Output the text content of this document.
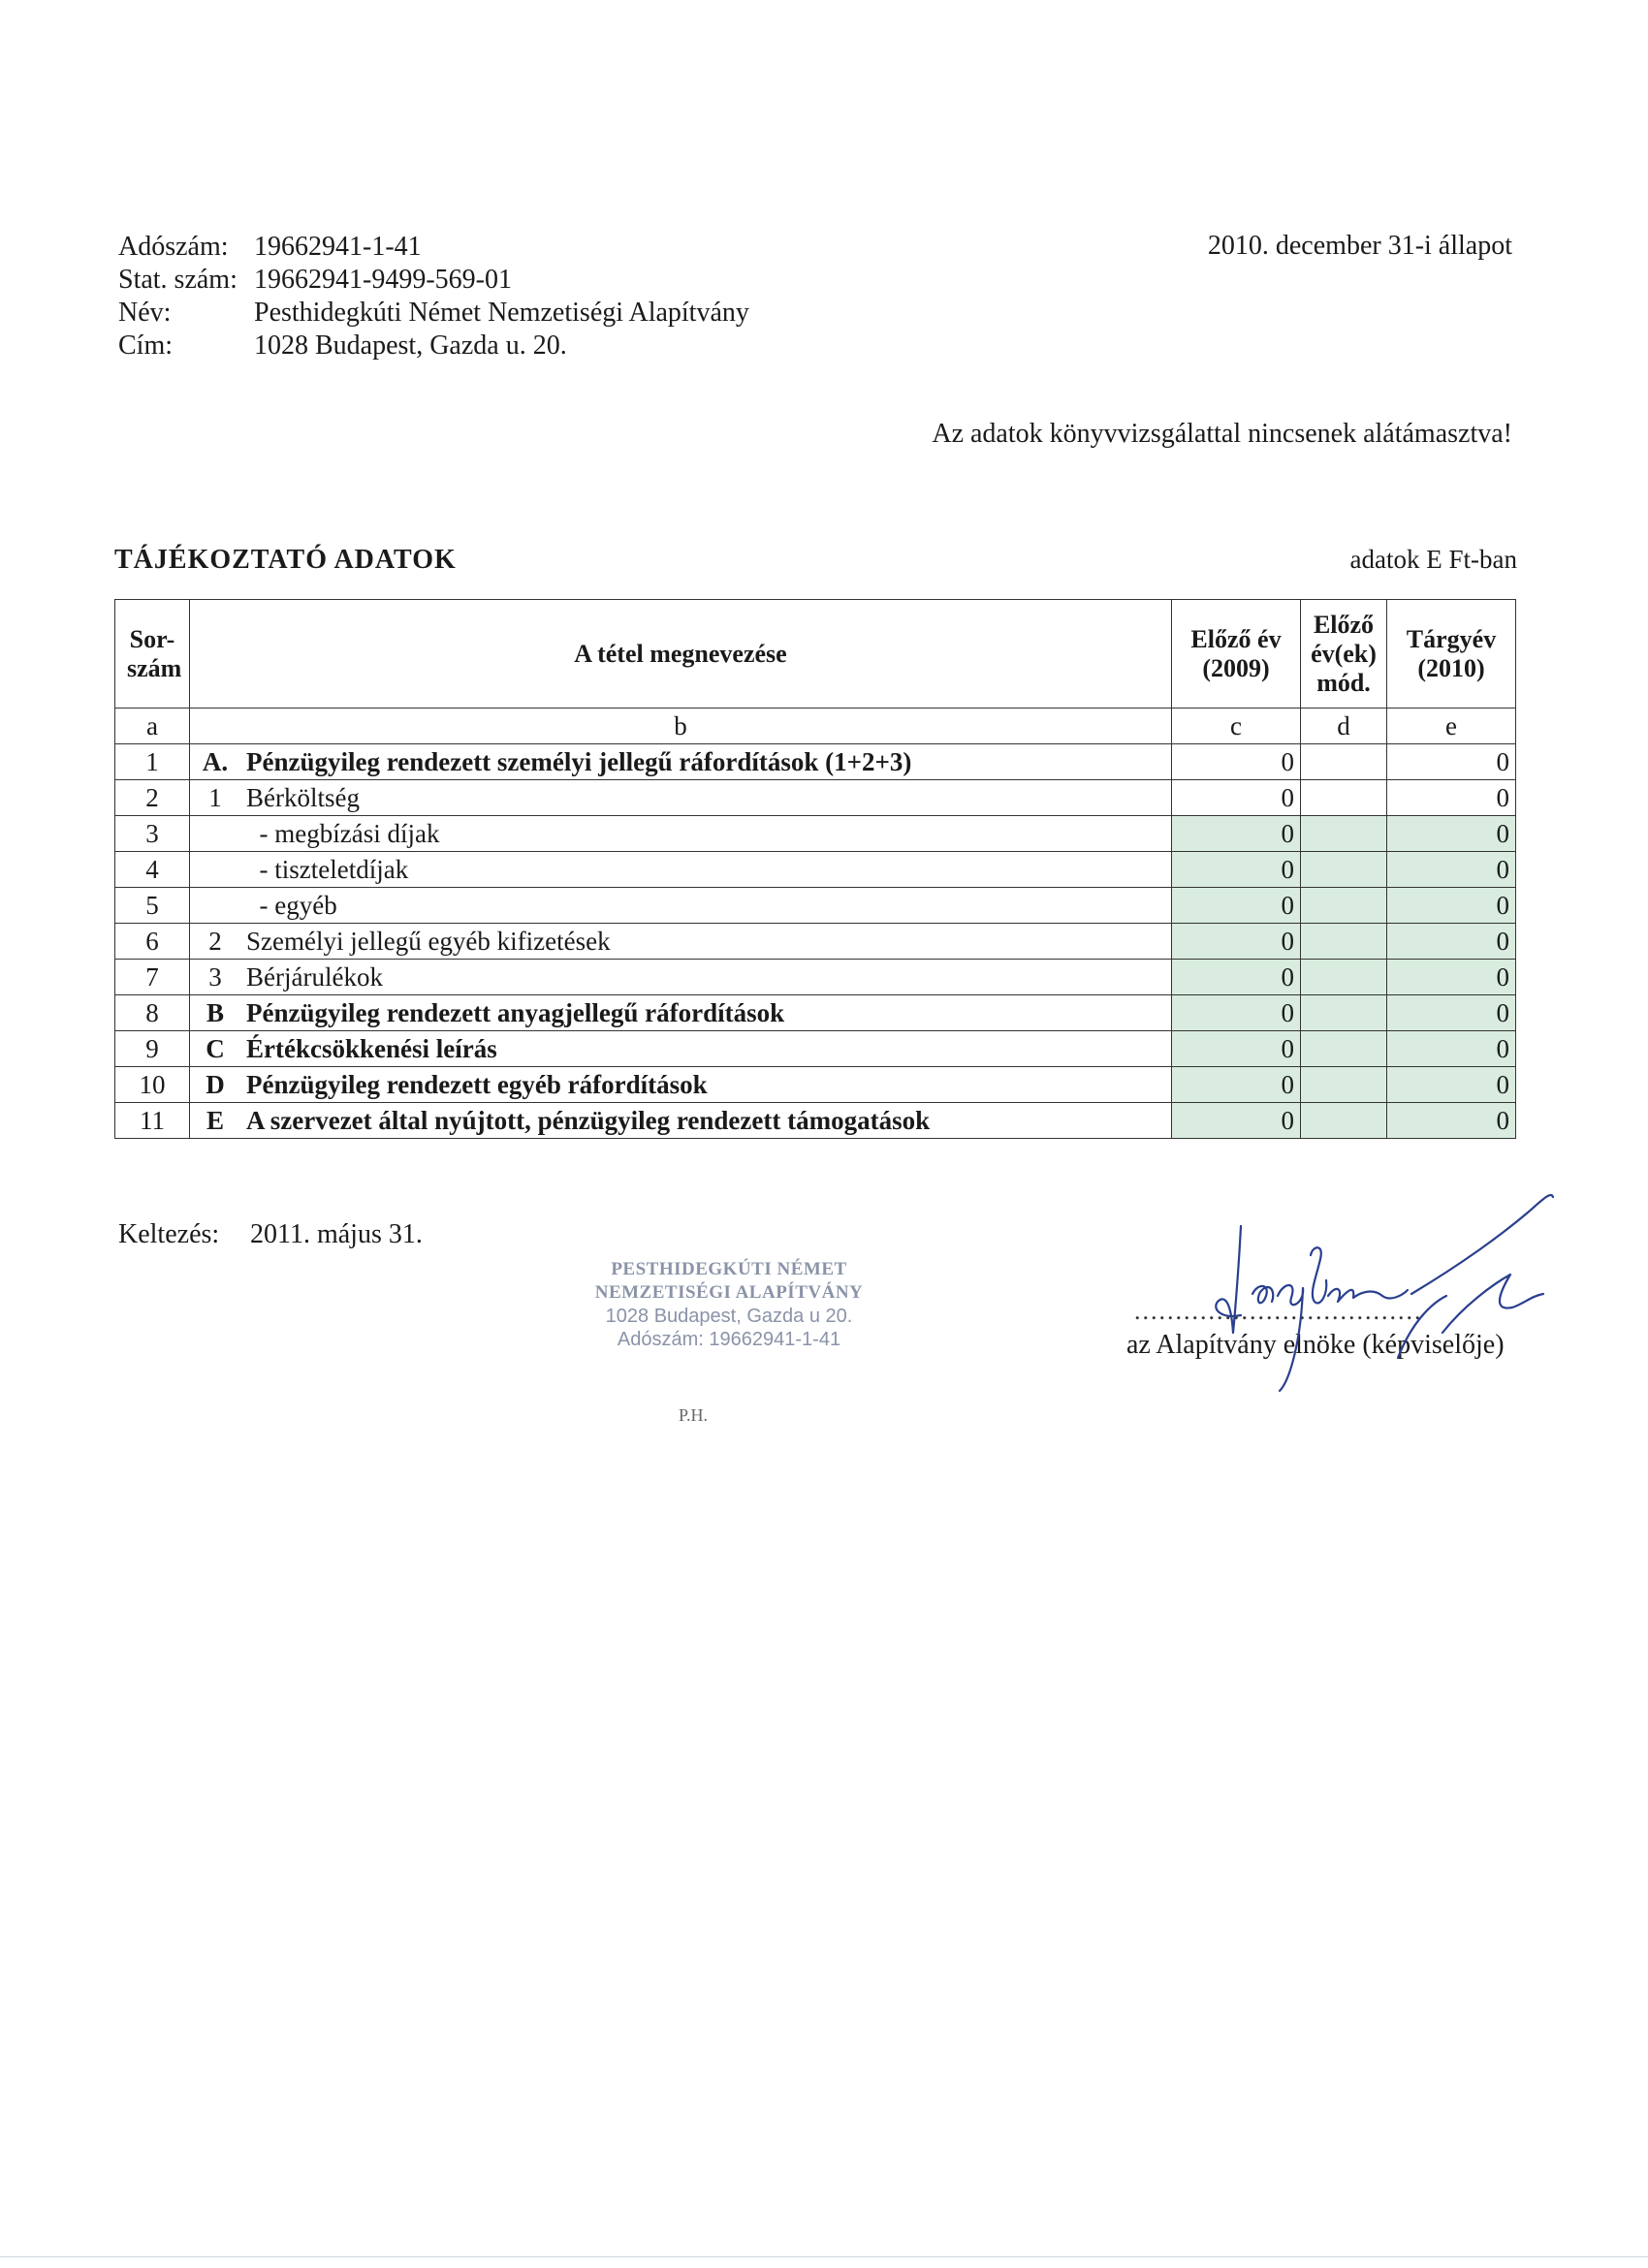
Adószám: 19662941-1-41
Stat. szám: 19662941-9499-569-01
Név:	Pesthidegkúti Német Nemzetiségi Alapítvány
Cím:	1028 Budapest, Gazda u. 20.
2010. december 31-i állapot
Az adatok könyvvizsgálattal nincsenek alátámasztva!
TÁJÉKOZTATÓ ADATOK	adatok E Ft-ban
Sor-szám	A tétel megnevezése		Előző év (2009)	Előző év(ek) mód.	Tárgyév (2010)

a	b		c	d	e
1	A.	Pénzügyileg rendezett személyi jellegű ráfordítások (1+2+3)	0		0
2	1	Bérköltség	0		0
3		- megbízási díjak	0		0
4		- tiszteletdíjak	0		0
5		- egyéb	0		0
6	2	Személyi jellegű egyéb kifizetések	0		0
7	3	Bérjárulékok	0		0
8	B	Pénzügyileg rendezett anyagjellegű ráfordítások	0		0
9	C	Értékcsökkenési leírás	0		0
10	D	Pénzügyileg rendezett egyéb ráfordítások	0		0
11	E	A szervezet által nyújtott, pénzügyileg rendezett támogatások	0		0
Keltezés: 2011. május 31.
PESTHIDEGKÚTI NÉMET
NEMZETISÉGI ALAPÍTVÁNY
1028 Budapest, Gazda u 20.
Adószám: 19662941-1-41
...................................
az Alapítvány elnöke (képviselője)
P.H.
